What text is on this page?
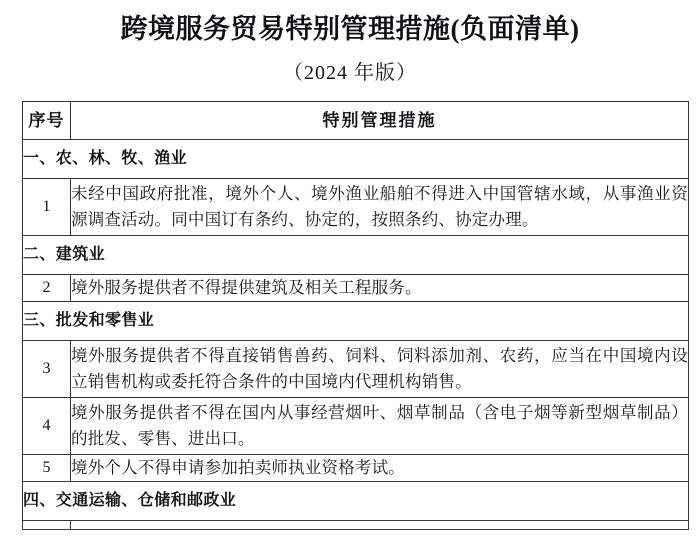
跨境服务贸易特别管理措施(负面清单)
（2024 年版）
序号	特别管理措施
一、农、林、牧、渔业	
1	未经中国政府批准，境外个人、境外渔业船舶不得进入中国管辖水域，从事渔业资源调查活动。同中国订有条约、协定的，按照条约、协定办理。
二、建筑业	
2	境外服务提供者不得提供建筑及相关工程服务。
三、批发和零售业	
3	境外服务提供者不得直接销售兽药、饲料、饲料添加剂、农药，应当在中国境内设立销售机构或委托符合条件的中国境内代理机构销售。
4	境外服务提供者不得在国内从事经营烟叶、烟草制品（含电子烟等新型烟草制品）的批发、零售、进出口。
5	境外个人不得申请参加拍卖师执业资格考试。
四、交通运输、仓储和邮政业	
